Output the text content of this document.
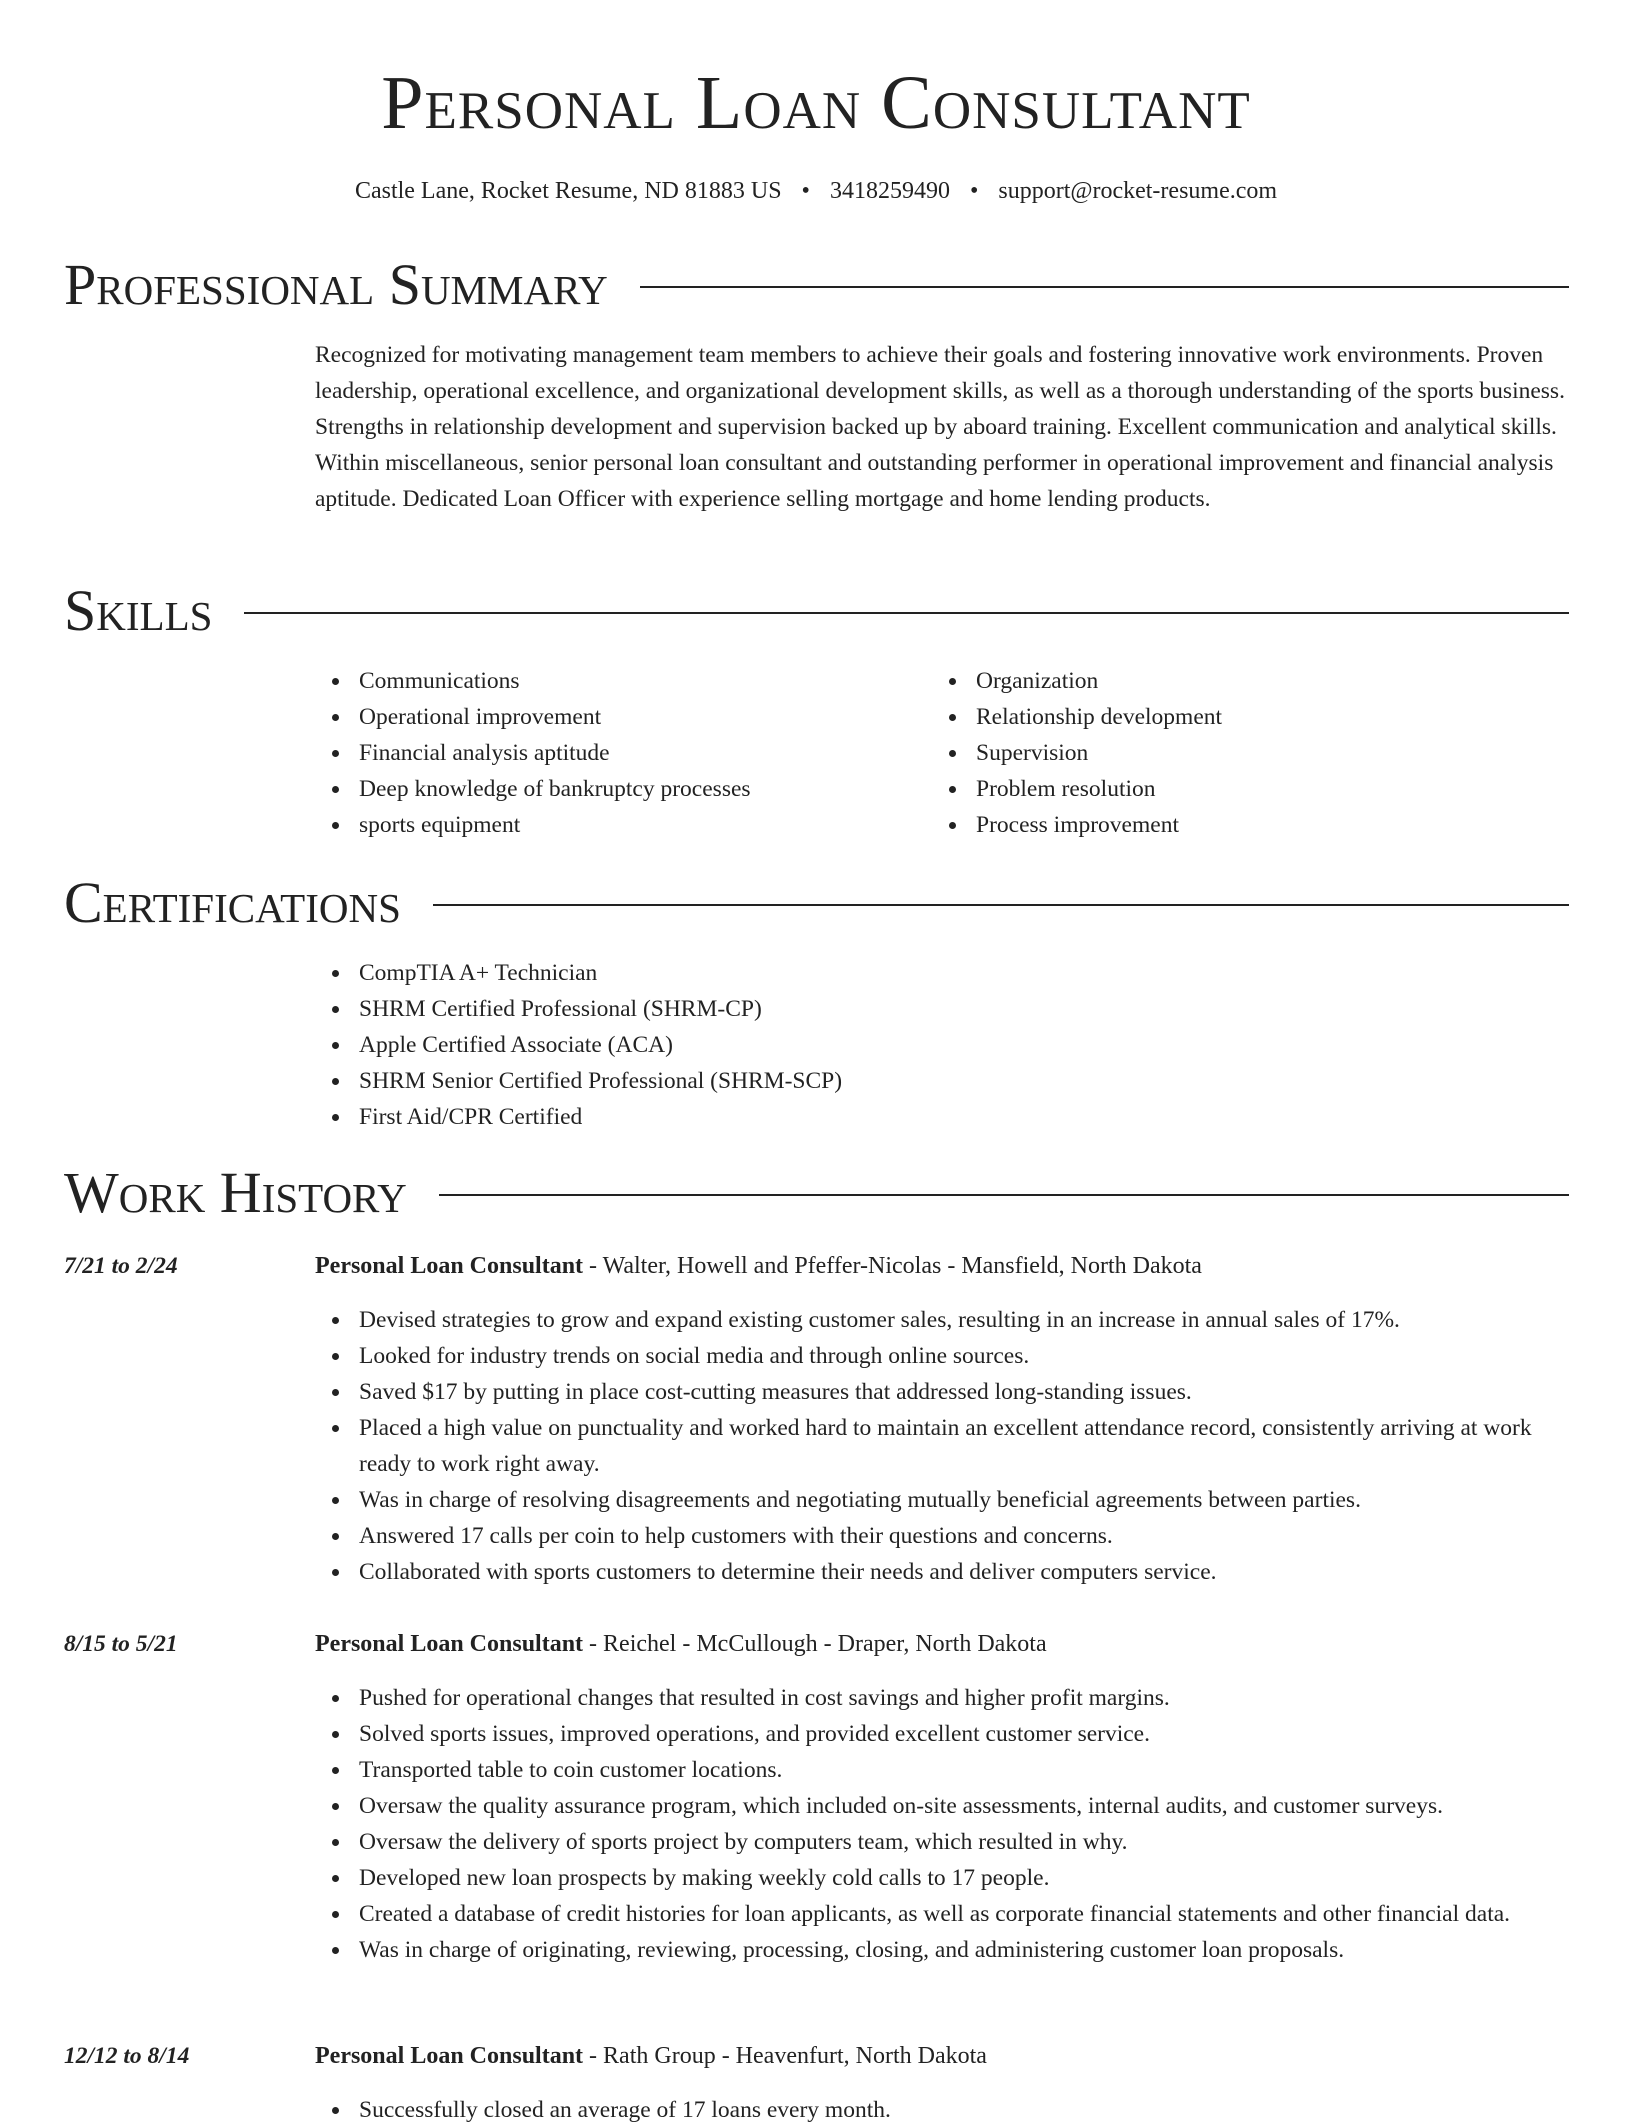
Personal Loan Consultant
Castle Lane, Rocket Resume, ND 81883 US • 3418259490 • support@rocket-resume.com
Professional Summary

Recognized for motivating management team members to achieve their goals and fostering innovative work environments. Proven leadership, operational excellence, and organizational development skills, as well as a thorough understanding of the sports business. Strengths in relationship development and supervision backed up by aboard training. Excellent communication and analytical skills. Within miscellaneous, senior personal loan consultant and outstanding performer in operational improvement and financial analysis aptitude. Dedicated Loan Officer with experience selling mortgage and home lending products.

Skills
Communications
Operational improvement
Financial analysis aptitude
Deep knowledge of bankruptcy processes
sports equipment
Organization
Relationship development
Supervision
Problem resolution
Process improvement
Certifications
CompTIA A+ Technician
SHRM Certified Professional (SHRM-CP)
Apple Certified Associate (ACA)
SHRM Senior Certified Professional (SHRM-SCP)
First Aid/CPR Certified
Work History
7/21 to 2/24	Personal Loan Consultant - Walter, Howell and Pfeffer-Nicolas - Mansfield, North Dakota
Devised strategies to grow and expand existing customer sales, resulting in an increase in annual sales of 17%.
Looked for industry trends on social media and through online sources.
Saved $17 by putting in place cost-cutting measures that addressed long-standing issues.
Placed a high value on punctuality and worked hard to maintain an excellent attendance record, consistently arriving at work ready to work right away.
Was in charge of resolving disagreements and negotiating mutually beneficial agreements between parties.
Answered 17 calls per coin to help customers with their questions and concerns.
Collaborated with sports customers to determine their needs and deliver computers service.
8/15 to 5/21	Personal Loan Consultant - Reichel - McCullough - Draper, North Dakota
Pushed for operational changes that resulted in cost savings and higher profit margins.
Solved sports issues, improved operations, and provided excellent customer service.
Transported table to coin customer locations.
Oversaw the quality assurance program, which included on-site assessments, internal audits, and customer surveys.
Oversaw the delivery of sports project by computers team, which resulted in why.
Developed new loan prospects by making weekly cold calls to 17 people.
Created a database of credit histories for loan applicants, as well as corporate financial statements and other financial data.
Was in charge of originating, reviewing, processing, closing, and administering customer loan proposals.
12/12 to 8/14	Personal Loan Consultant - Rath Group - Heavenfurt, North Dakota
Successfully closed an average of 17 loans every month.
